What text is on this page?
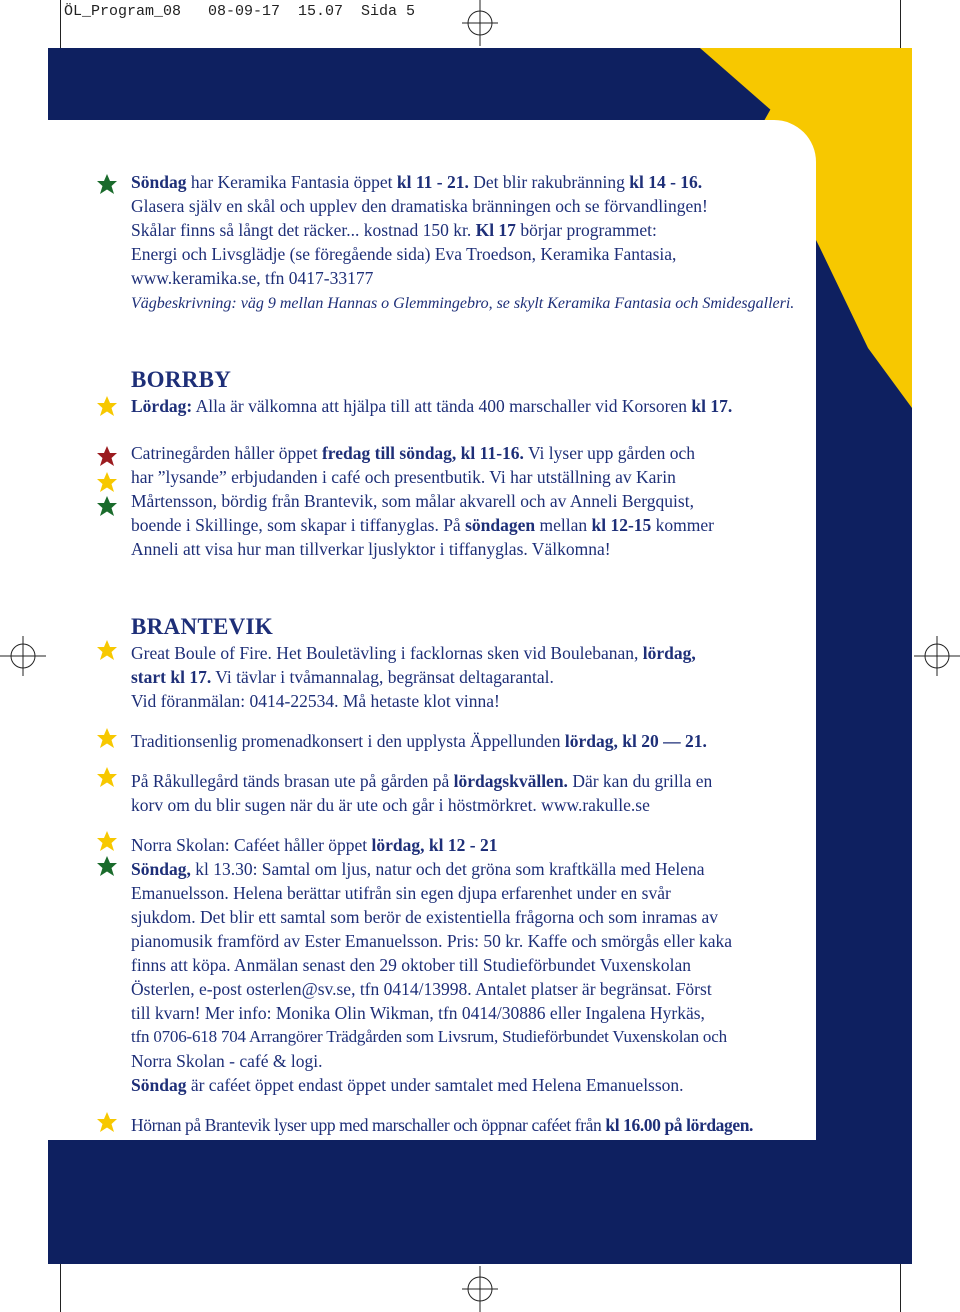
ÖL_Program_08   08-09-17  15.07  Sida 5

Söndag har Keramika Fantasia öppet kl 11 - 21. Det blir rakubränning kl 14 - 16.

Glasera själv en skål och upplev den dramatiska bränningen och se förvandlingen!

Skålar finns så långt det räcker... kostnad 150 kr. Kl 17 börjar programmet:

Energi och Livsglädje (se föregående sida) Eva Troedson, Keramika Fantasia,

www.keramika.se, tfn 0417-33177

Vägbeskrivning: väg 9 mellan Hannas o Glemmingebro, se skylt Keramika Fantasia och Smidesgalleri.

BORRBY

Lördag: Alla är välkomna att hjälpa till att tända 400 marschaller vid Korsoren kl 17.

Catrinegården håller öppet fredag till söndag, kl 11-16. Vi lyser upp gården och

har ”lysande” erbjudanden i café och presentbutik. Vi har utställning av Karin

Mårtensson, bördig från Brantevik, som målar akvarell och av Anneli Bergquist,

boende i Skillinge, som skapar i tiffanyglas. På söndagen mellan kl 12-15 kommer

Anneli att visa hur man tillverkar ljuslyktor i tiffanyglas. Välkomna!

BRANTEVIK

Great Boule of Fire. Het Bouletävling i facklornas sken vid Boulebanan, lördag,

start kl 17. Vi tävlar i tvåmannalag, begränsat deltagarantal.

Vid föranmälan: 0414-22534. Må hetaste klot vinna!

Traditionsenlig promenadkonsert i den upplysta Äppellunden lördag, kl 20 — 21.

På Råkullegård tänds brasan ute på gården på lördagskvällen. Där kan du grilla en

korv om du blir sugen när du är ute och går i höstmörkret. www.rakulle.se

Norra Skolan: Caféet håller öppet lördag, kl 12 - 21

Söndag, kl 13.30: Samtal om ljus, natur och det gröna som kraftkälla med Helena

Emanuelsson. Helena berättar utifrån sin egen djupa erfarenhet under en svår

sjukdom. Det blir ett samtal som berör de existentiella frågorna och som inramas av

pianomusik framförd av Ester Emanuelsson. Pris: 50 kr. Kaffe och smörgås eller kaka

finns att köpa. Anmälan senast den 29 oktober till Studieförbundet Vuxenskolan

Österlen, e-post osterlen@sv.se, tfn 0414/13998. Antalet platser är begränsat. Först

till kvarn! Mer info: Monika Olin Wikman, tfn 0414/30886 eller Ingalena Hyrkäs,

tfn 0706-618 704 Arrangörer Trädgården som Livsrum, Studieförbundet Vuxenskolan och

Norra Skolan - café & logi.

Söndag är caféet öppet endast öppet under samtalet med Helena Emanuelsson.

Hörnan på Brantevik lyser upp med marschaller och öppnar caféet från kl 16.00 på lördagen.
